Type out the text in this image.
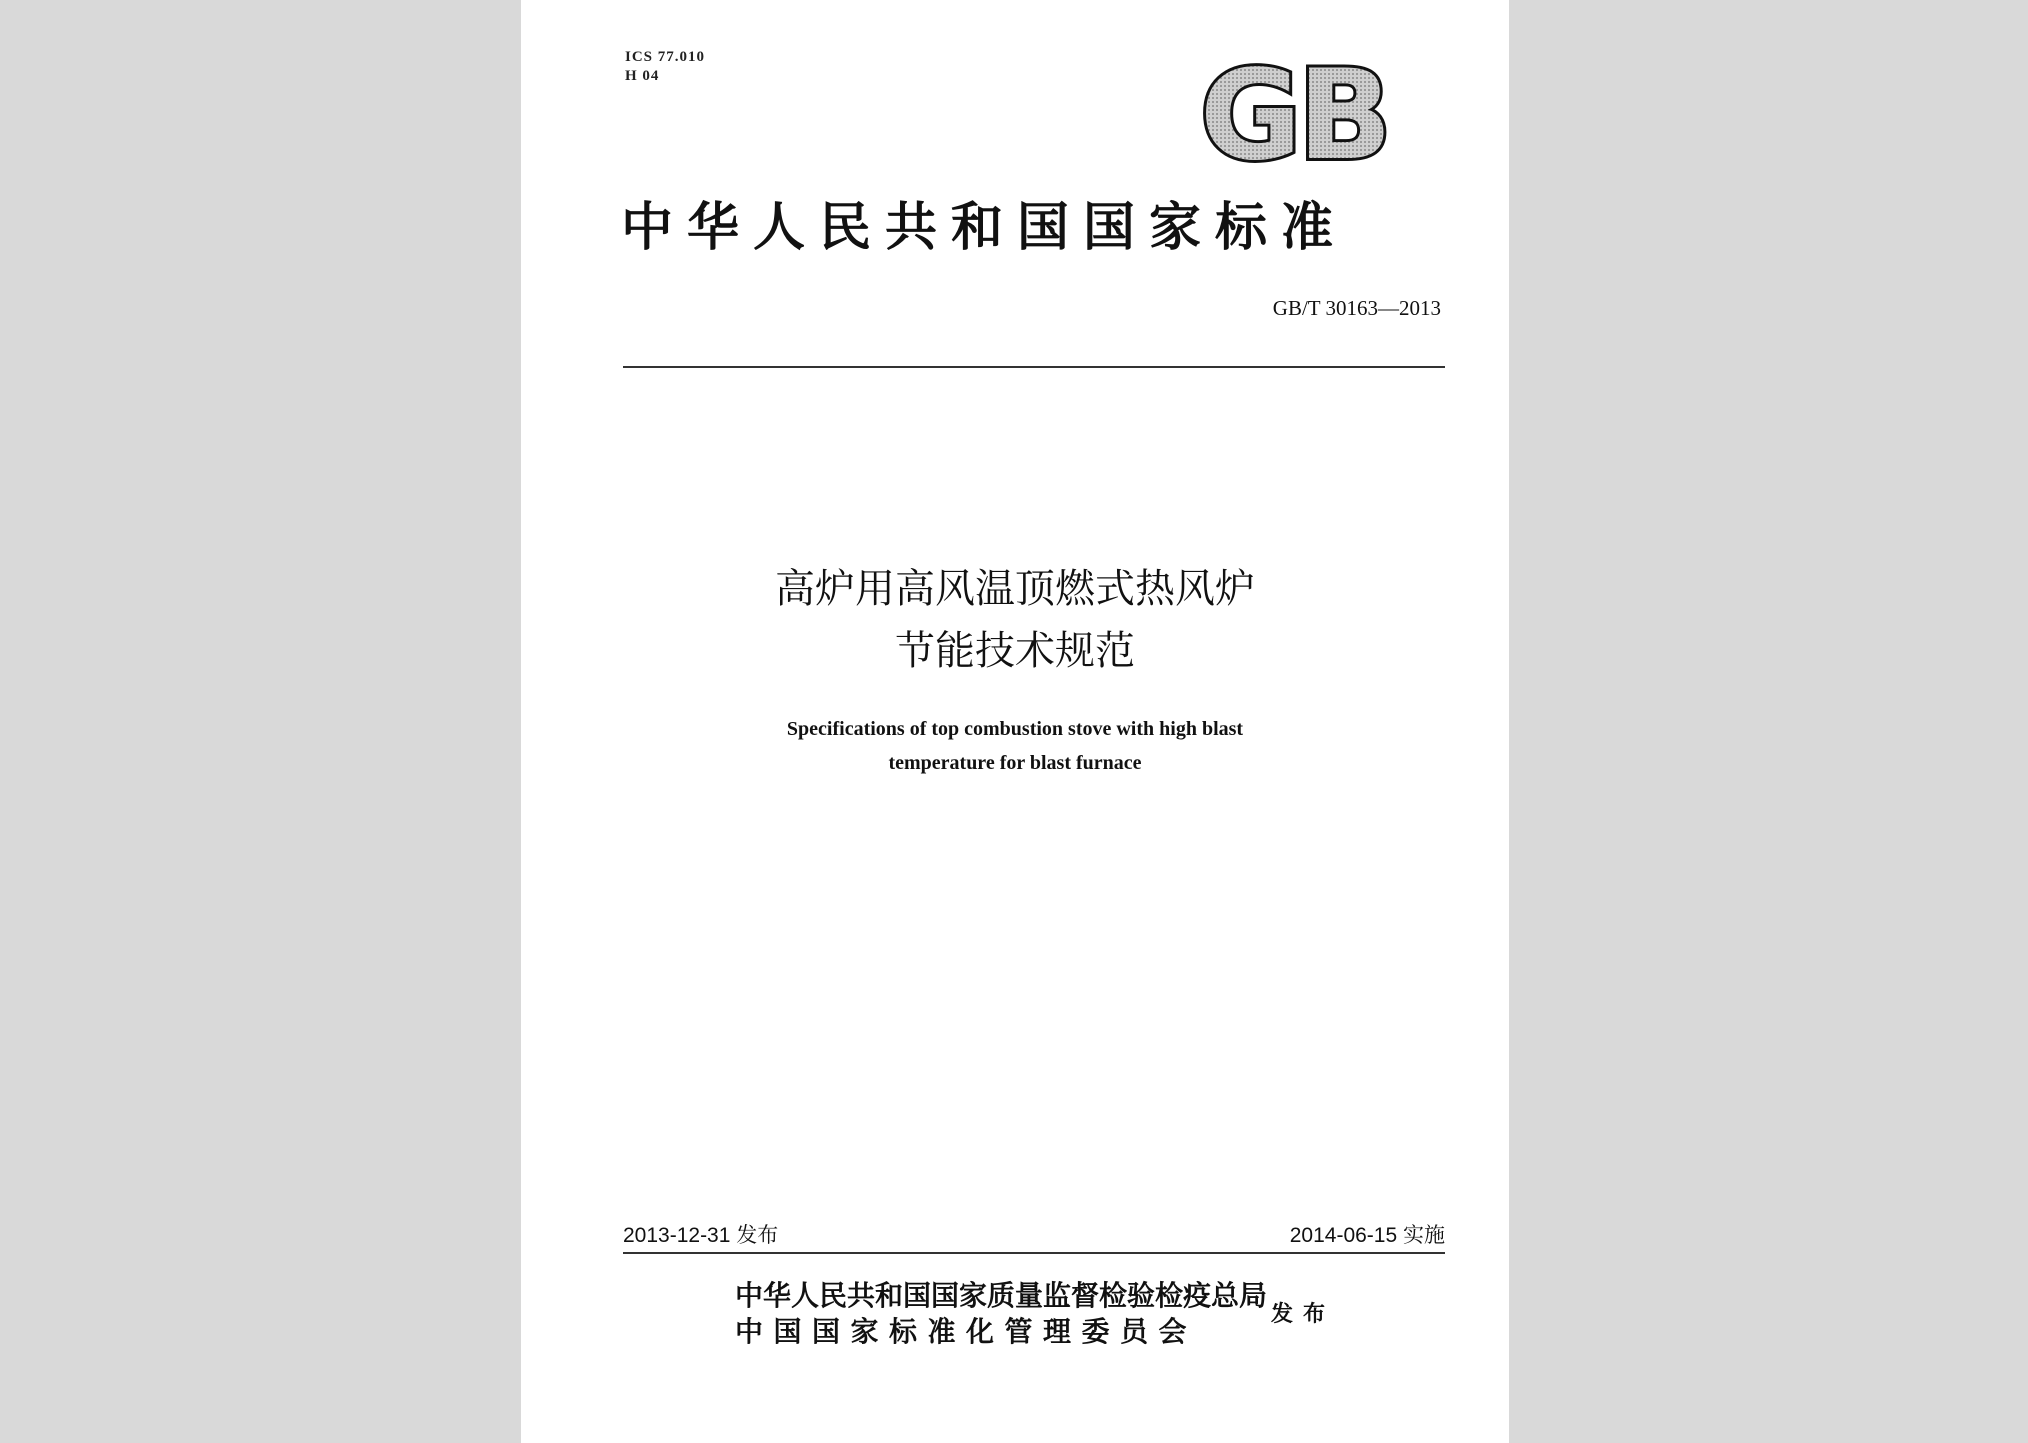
ICS 77.010
H 04	GB
中华人民共和国国家标准
GB/T 30163—2013
高炉用高风温顶燃式热风炉
节能技术规范
Specifications of top combustion stove with high blast
temperature for blast furnace
2013-12-31 发布	2014-06-15 实施
中华人民共和国国家质量监督检验检疫总局
中国国家标准化管理委员会
发布
